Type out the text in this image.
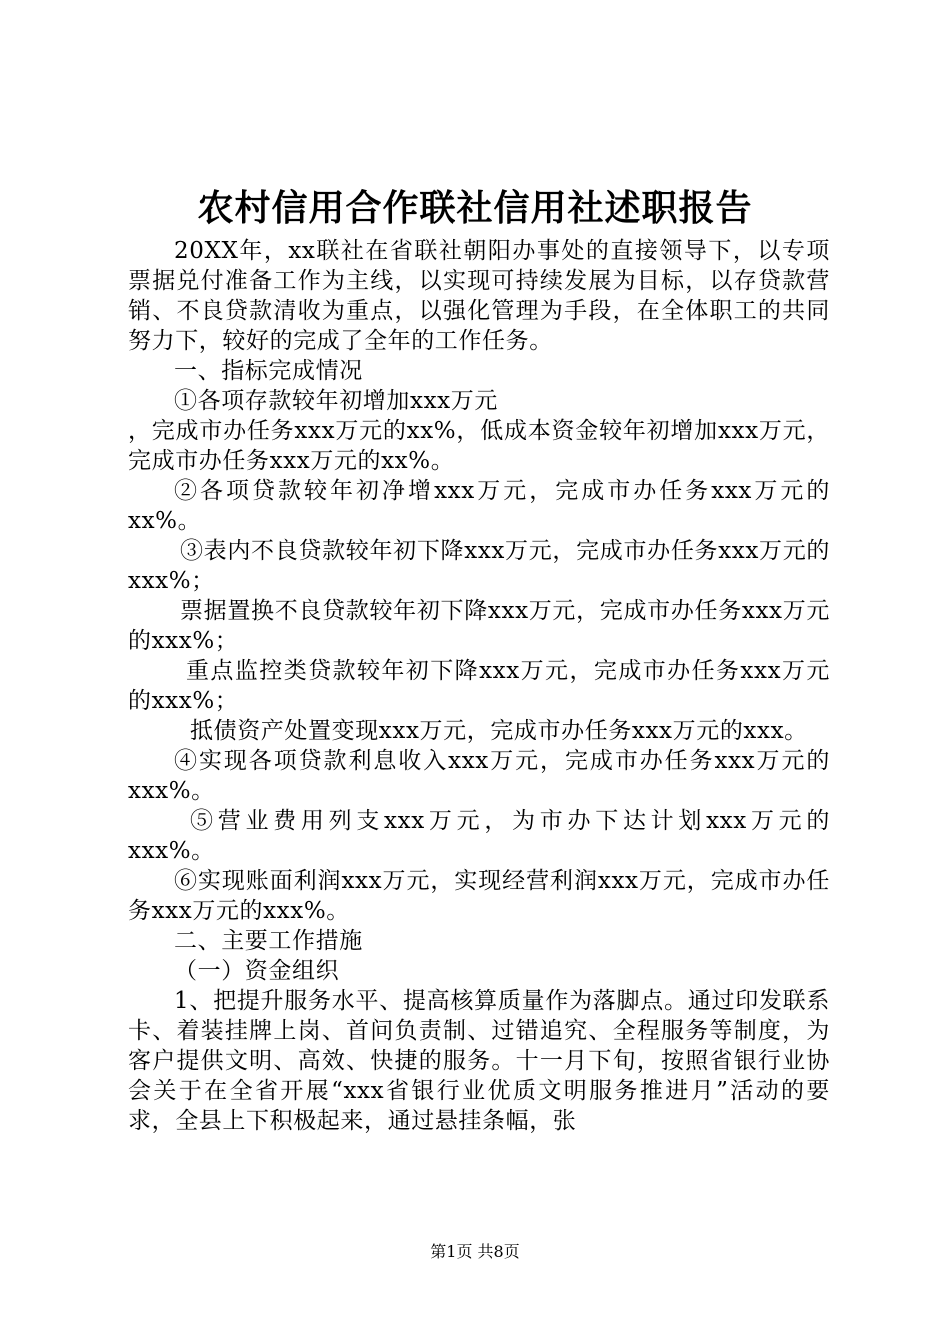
农村信用合作联社信用社述职报告

20XX年，xx联社在省联社朝阳办事处的直接领导下，以专项票据兑付准备工作为主线，以实现可持续发展为目标，以存贷款营销、不良贷款清收为重点，以强化管理为手段，在全体职工的共同努力下，较好的完成了全年的工作任务。

一、指标完成情况

①各项存款较年初增加xxx万元

，完成市办任务xxx万元的xx%，低成本资金较年初增加xxx万元，完成市办任务xxx万元的xx%。

②各项贷款较年初净增xxx万元，完成市办任务xxx万元的xx%。

③表内不良贷款较年初下降xxx万元，完成市办任务xxx万元的xxx%；

票据置换不良贷款较年初下降xxx万元，完成市办任务xxx万元的xxx%；

重点监控类贷款较年初下降xxx万元，完成市办任务xxx万元的xxx%；

抵债资产处置变现xxx万元，完成市办任务xxx万元的xxx。

④实现各项贷款利息收入xxx万元，完成市办任务xxx万元的xxx%。

⑤营业费用列支xxx万元，为市办下达计划xxx万元的xxx%。

⑥实现账面利润xxx万元，实现经营利润xxx万元，完成市办任务xxx万元的xxx%。

二、主要工作措施

（一）资金组织

1、把提升服务水平、提高核算质量作为落脚点。通过印发联系卡、着装挂牌上岗、首问负责制、过错追究、全程服务等制度，为客户提供文明、高效、快捷的服务。十一月下旬，按照省银行业协会关于在全省开展“xxx省银行业优质文明服务推进月”活动的要求，全县上下积极起来，通过悬挂条幅，张

第1页 共8页
